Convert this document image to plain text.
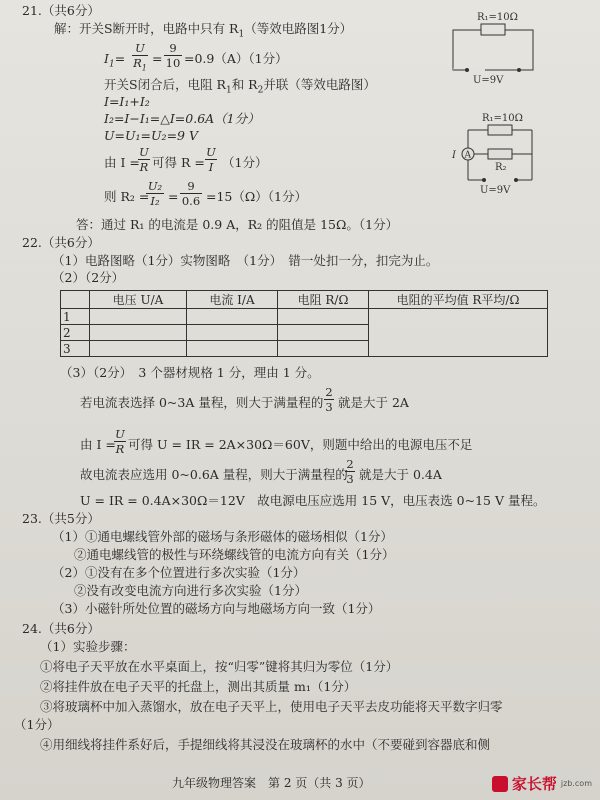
21.（共6分）
解：开关S断开时，电路中只有 $R_1$（等效电路图1分）
$I_1=$
U
$R_1$
=
9
10 =0.9（A）（1分）
开关S闭合后，电阻 $R_1$和 $R_2$并联（等效电路图）
I=I₁+I₂
I₂=I−I₁=△I=0.6A（1分）
U=U₁=U₂=9 V
由 I =
U
R 可得 R =
U
I （1分）
则 R₂ =
U₂
I₂ =
9
0.6 =15（Ω）（1分）
答：通过 R₁ 的电流是 0.9 A，R₂ 的阻值是 15Ω。（1分）
R₁=10Ω
U=9V
A
I
R₁=10Ω
R₂
U=9V
22.（共6分）
（1）电路图略（1分）实物图略　（1分）　错一处扣一分，扣完为止。
（2）（2分）
	电压 U/A	电流 I/A	电阻 R/Ω	电阻的平均值 R平均/Ω
1				
2				
3				
（3）（2分）　3 个器材规格 1 分，理由 1 分。
若电流表选择 0~3A 量程，则大于满量程的
2
3 就是大于 2A
由 I =
U
R 可得 U = IR = 2A×30Ω＝60V，则题中给出的电源电压不足
故电流表应选用 0~0.6A 量程，则大于满量程的
2
3 就是大于 0.4A
U = IR = 0.4A×30Ω＝12V　故电源电压应选用 15 V，电压表选 0~15 V 量程。
23.（共5分）
（1）①通电螺线管外部的磁场与条形磁体的磁场相似（1分）
②通电螺线管的极性与环绕螺线管的电流方向有关（1分）
（2）①没有在多个位置进行多次实验（1分）
②没有改变电流方向进行多次实验（1分）
（3）小磁针所处位置的磁场方向与地磁场方向一致（1分）
24.（共6分）
（1）实验步骤：
①将电子天平放在水平桌面上，按“归零”键将其归为零位（1分）
②将挂件放在电子天平的托盘上，测出其质量 m₁（1分）
③将玻璃杯中加入蒸馏水，放在电子天平上，使用电子天平去皮功能将天平数字归零
（1分）
④用细线将挂件系好后，手提细线将其浸没在玻璃杯的水中（不要碰到容器底和侧
九年级物理答案　第 2 页（共 3 页）	家长帮 jzb.com
